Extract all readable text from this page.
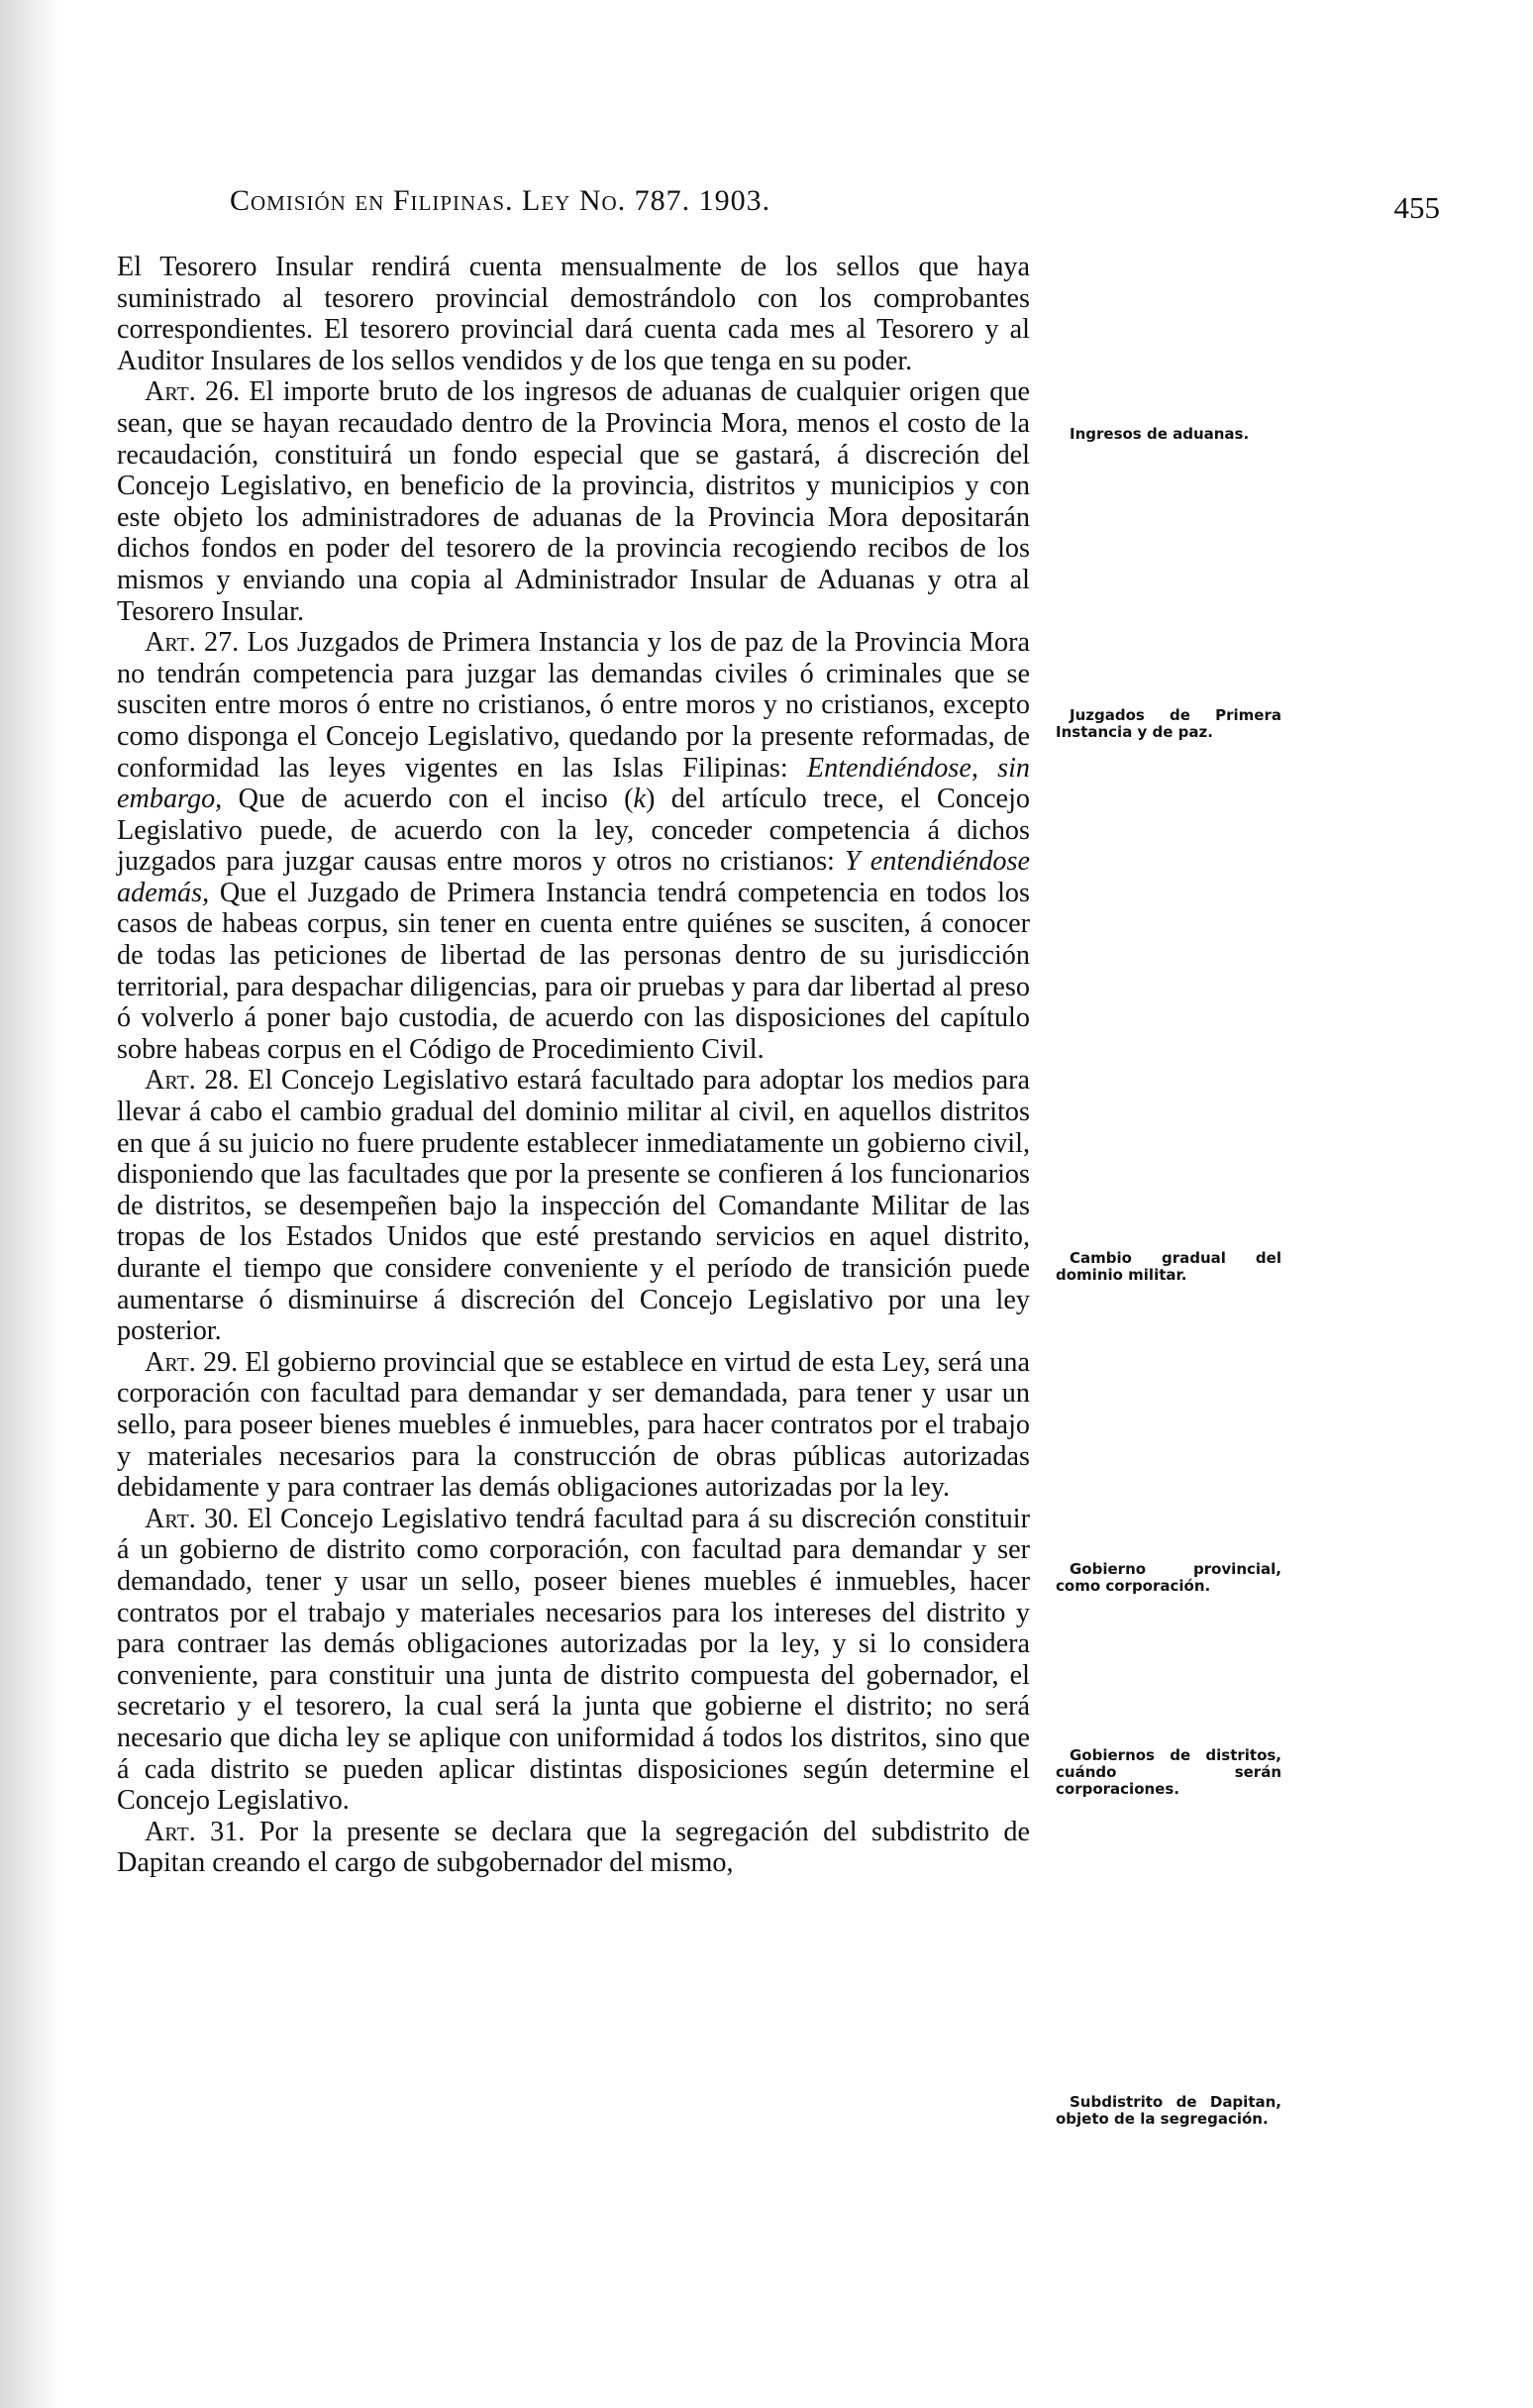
Comisión en Filipinas. Ley No. 787. 1903.	455

El Tesorero Insular rendirá cuenta mensualmente de los sellos que haya suministrado al tesorero provincial demostrándolo con los comprobantes correspondientes. El tesorero provincial dará cuenta cada mes al Tesorero y al Auditor Insulares de los sellos vendidos y de los que tenga en su poder.

Art. 26. El importe bruto de los ingresos de aduanas de cualquier origen que sean, que se hayan recaudado dentro de la Provincia Mora, menos el costo de la recaudación, constituirá un fondo especial que se gastará, á discreción del Concejo Legislativo, en beneficio de la provincia, distritos y municipios y con este objeto los administradores de aduanas de la Provincia Mora depositarán dichos fondos en poder del tesorero de la provincia recogiendo recibos de los mismos y enviando una copia al Administrador Insular de Aduanas y otra al Tesorero Insular.

Art. 27. Los Juzgados de Primera Instancia y los de paz de la Provincia Mora no tendrán competencia para juzgar las demandas civiles ó criminales que se susciten entre moros ó entre no cristianos, ó entre moros y no cristianos, excepto como disponga el Concejo Legislativo, quedando por la presente reformadas, de conformidad las leyes vigentes en las Islas Filipinas: Entendiéndose, sin embargo, Que de acuerdo con el inciso (k) del artículo trece, el Concejo Legislativo puede, de acuerdo con la ley, conceder competencia á dichos juzgados para juzgar causas entre moros y otros no cristianos: Y entendiéndose además, Que el Juzgado de Primera Instancia tendrá competencia en todos los casos de habeas corpus, sin tener en cuenta entre quiénes se susciten, á conocer de todas las peticiones de libertad de las personas dentro de su jurisdicción territorial, para despachar diligencias, para oir pruebas y para dar libertad al preso ó volverlo á poner bajo custodia, de acuerdo con las disposiciones del capítulo sobre habeas corpus en el Código de Procedimiento Civil.

Art. 28. El Concejo Legislativo estará facultado para adoptar los medios para llevar á cabo el cambio gradual del dominio militar al civil, en aquellos distritos en que á su juicio no fuere prudente establecer inmediatamente un gobierno civil, disponiendo que las facultades que por la presente se confieren á los funcionarios de distritos, se desempeñen bajo la inspección del Comandante Militar de las tropas de los Estados Unidos que esté prestando servicios en aquel distrito, durante el tiempo que considere conveniente y el período de transición puede aumentarse ó disminuirse á discreción del Concejo Legislativo por una ley posterior.

Art. 29. El gobierno provincial que se establece en virtud de esta Ley, será una corporación con facultad para demandar y ser demandada, para tener y usar un sello, para poseer bienes muebles é inmuebles, para hacer contratos por el trabajo y materiales necesarios para la construcción de obras públicas autorizadas debidamente y para contraer las demás obligaciones autorizadas por la ley.

Art. 30. El Concejo Legislativo tendrá facultad para á su discreción constituir á un gobierno de distrito como corporación, con facultad para demandar y ser demandado, tener y usar un sello, poseer bienes muebles é inmuebles, hacer contratos por el trabajo y materiales necesarios para los intereses del distrito y para contraer las demás obligaciones autorizadas por la ley, y si lo considera conveniente, para constituir una junta de distrito compuesta del gobernador, el secretario y el tesorero, la cual será la junta que gobierne el distrito; no será necesario que dicha ley se aplique con uniformidad á todos los distritos, sino que á cada distrito se pueden aplicar distintas disposiciones según determine el Concejo Legislativo.

Art. 31. Por la presente se declara que la segregación del subdistrito de Dapitan creando el cargo de subgobernador del mismo,

Ingresos de aduanas.
Juzgados de Primera Instancia y de paz.
Cambio gradual del dominio militar.
Gobierno provincial, como corporación.
Gobiernos de distritos, cuándo serán corporaciones.
Subdistrito de Dapitan, objeto de la segregación.
